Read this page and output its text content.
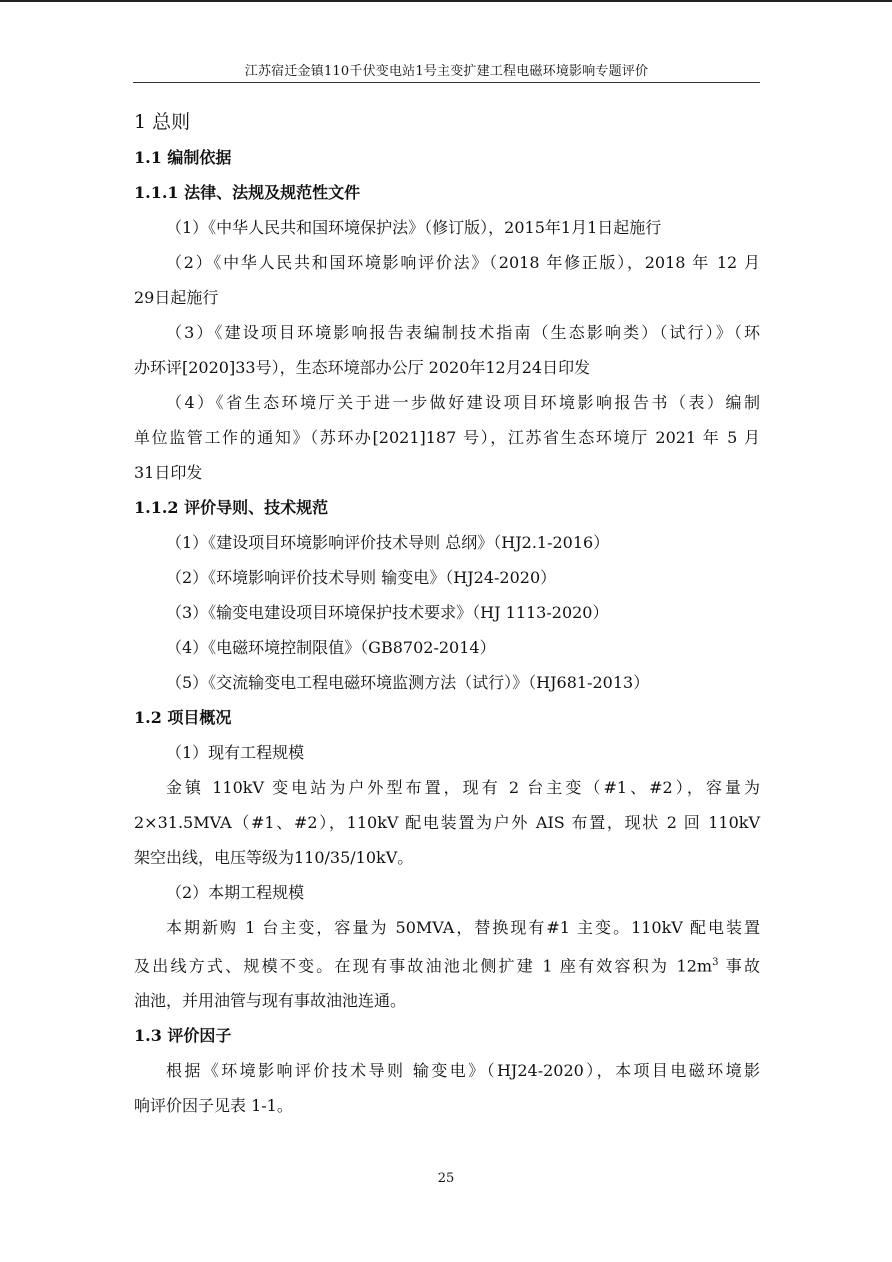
江苏宿迁金镇110千伏变电站1号主变扩建工程电磁环境影响专题评价
1 总则
1.1 编制依据
1.1.1 法律、法规及规范性文件

（1）《中华人民共和国环境保护法》（修订版），2015年1月1日起施行

（2）《中华人民共和国环境影响评价法》（2018 年修正版），2018 年 12 月

29日起施行

（3）《建设项目环境影响报告表编制技术指南（生态影响类）（试行）》（环

办环评[2020]33号），生态环境部办公厅 2020年12月24日印发

（4）《省生态环境厅关于进一步做好建设项目环境影响报告书（表）编制

单位监管工作的通知》（苏环办[2021]187 号），江苏省生态环境厅 2021 年 5 月

31日印发

1.1.2 评价导则、技术规范

（1）《建设项目环境影响评价技术导则 总纲》（HJ2.1-2016）

（2）《环境影响评价技术导则 输变电》（HJ24-2020）

（3）《输变电建设项目环境保护技术要求》（HJ 1113-2020）

（4）《电磁环境控制限值》（GB8702-2014）

（5）《交流输变电工程电磁环境监测方法（试行）》（HJ681-2013）

1.2 项目概况

（1）现有工程规模

金镇 110kV 变电站为户外型布置，现有 2 台主变（#1、#2），容量为

2×31.5MVA（#1、#2），110kV 配电装置为户外 AIS 布置，现状 2 回 110kV

架空出线，电压等级为110/35/10kV。

（2）本期工程规模

本期新购 1 台主变，容量为 50MVA，替换现有#1 主变。110kV 配电装置

及出线方式、规模不变。在现有事故油池北侧扩建 1 座有效容积为 $12m^3$ 事故

油池，并用油管与现有事故油池连通。

1.3 评价因子

根据《环境影响评价技术导则 输变电》（HJ24-2020），本项目电磁环境影

响评价因子见表 1-1。

25
